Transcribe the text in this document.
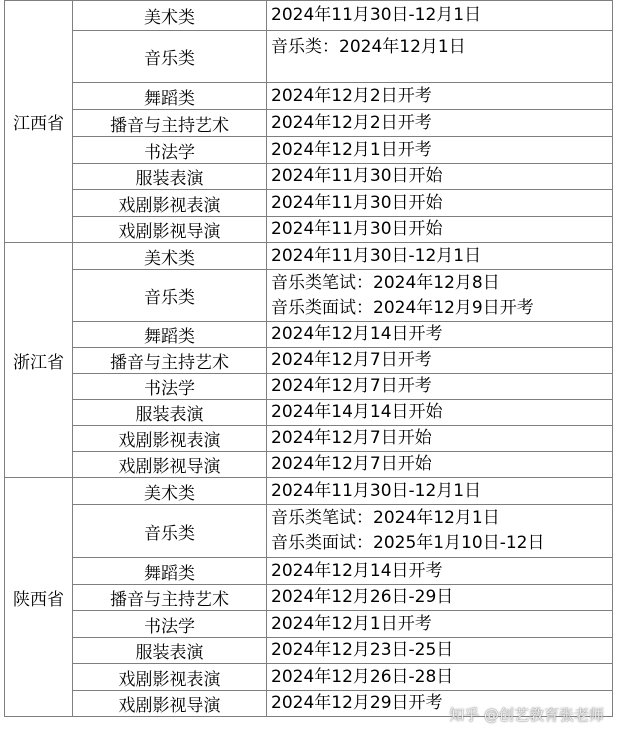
江西省	美术类	2024年11月30日-12月1日

	音乐类	音乐类：2024年12月1日

	舞蹈类	2024年12月2日开考

	播音与主持艺术	2024年12月2日开考

	书法学	2024年12月1日开考

	服装表演	2024年11月30日开始

	戏剧影视表演	2024年11月30日开始

	戏剧影视导演	2024年11月30日开始

浙江省	美术类	2024年11月30日-12月1日

	音乐类	音乐类笔试：2024年12月8日
音乐类面试：2024年12月9日开考

	舞蹈类	2024年12月14日开考

	播音与主持艺术	2024年12月7日开考

	书法学	2024年12月7日开考

	服装表演	2024年14月14日开始

	戏剧影视表演	2024年12月7日开始

	戏剧影视导演	2024年12月7日开始

陕西省	美术类	2024年11月30日-12月1日

	音乐类	音乐类笔试：2024年12月1日
音乐类面试：2025年1月10日-12日

	舞蹈类	2024年12月14日开考

	播音与主持艺术	2024年12月26日-29日

	书法学	2024年12月1日开考

	服装表演	2024年12月23日-25日

	戏剧影视表演	2024年12月26日-28日

	戏剧影视导演	2024年12月29日开考
知乎 @创艺教育张老师
